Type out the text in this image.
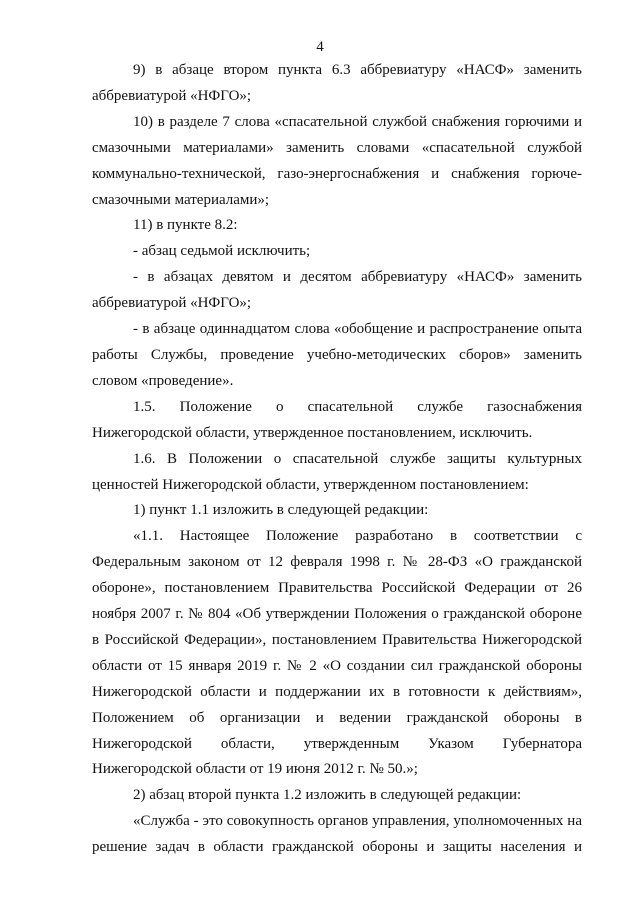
4

9) в абзаце втором пункта 6.3 аббревиатуру «НАСФ» заменить аббревиатурой «НФГО»;

10) в разделе 7 слова «спасательной службой снабжения горючими и смазочными материалами» заменить словами «спасательной службой коммунально-технической, газо-энергоснабжения и снабжения горюче-смазочными материалами»;

11) в пункте 8.2:

- абзац седьмой исключить;

- в абзацах девятом и десятом аббревиатуру «НАСФ» заменить аббревиатурой «НФГО»;

- в абзаце одиннадцатом слова «обобщение и распространение опыта работы Службы, проведение учебно-методических сборов» заменить словом «проведение».

1.5. Положение о спасательной службе газоснабжения Нижегородской области, утвержденное постановлением, исключить.

1.6. В Положении о спасательной службе защиты культурных ценностей Нижегородской области, утвержденном постановлением:

1) пункт 1.1 изложить в следующей редакции:

«1.1. Настоящее Положение разработано в соответствии с Федеральным законом от 12 февраля 1998 г. № 28-ФЗ «О гражданской обороне», постановлением Правительства Российской Федерации от 26 ноября 2007 г. № 804 «Об утверждении Положения о гражданской обороне в Российской Федерации», постановлением Правительства Нижегородской области от 15 января 2019 г. № 2 «О создании сил гражданской обороны Нижегородской области и поддержании их в готовности к действиям», Положением об организации и ведении гражданской обороны в Нижегородской области, утвержденным Указом Губернатора Нижегородской области от 19 июня 2012 г. № 50.»;

2) абзац второй пункта 1.2 изложить в следующей редакции:

«Служба - это совокупность органов управления, уполномоченных на решение задач в области гражданской обороны и защиты населения и
